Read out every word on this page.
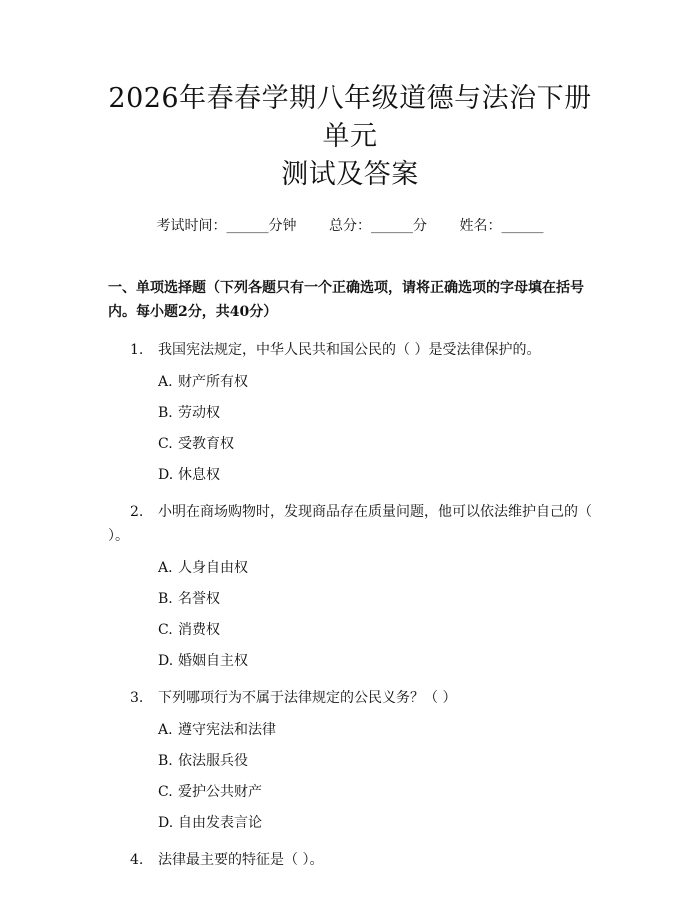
2026年春春学期八年级道德与法治下册单元
测试及答案
考试时间：______分钟 总分：______分 姓名：______
一、单项选择题（下列各题只有一个正确选项，请将正确选项的字母填在括号内。每小题2分，共40分）
1. 我国宪法规定，中华人民共和国公民的（ ）是受法律保护的。
A. 财产所有权
B. 劳动权
C. 受教育权
D. 休息权
2. 小明在商场购物时，发现商品存在质量问题，他可以依法维护自己的（ ）。
A. 人身自由权
B. 名誉权
C. 消费权
D. 婚姻自主权
3. 下列哪项行为不属于法律规定的公民义务？（ ）
A. 遵守宪法和法律
B. 依法服兵役
C. 爱护公共财产
D. 自由发表言论
4. 法律最主要的特征是（ ）。
